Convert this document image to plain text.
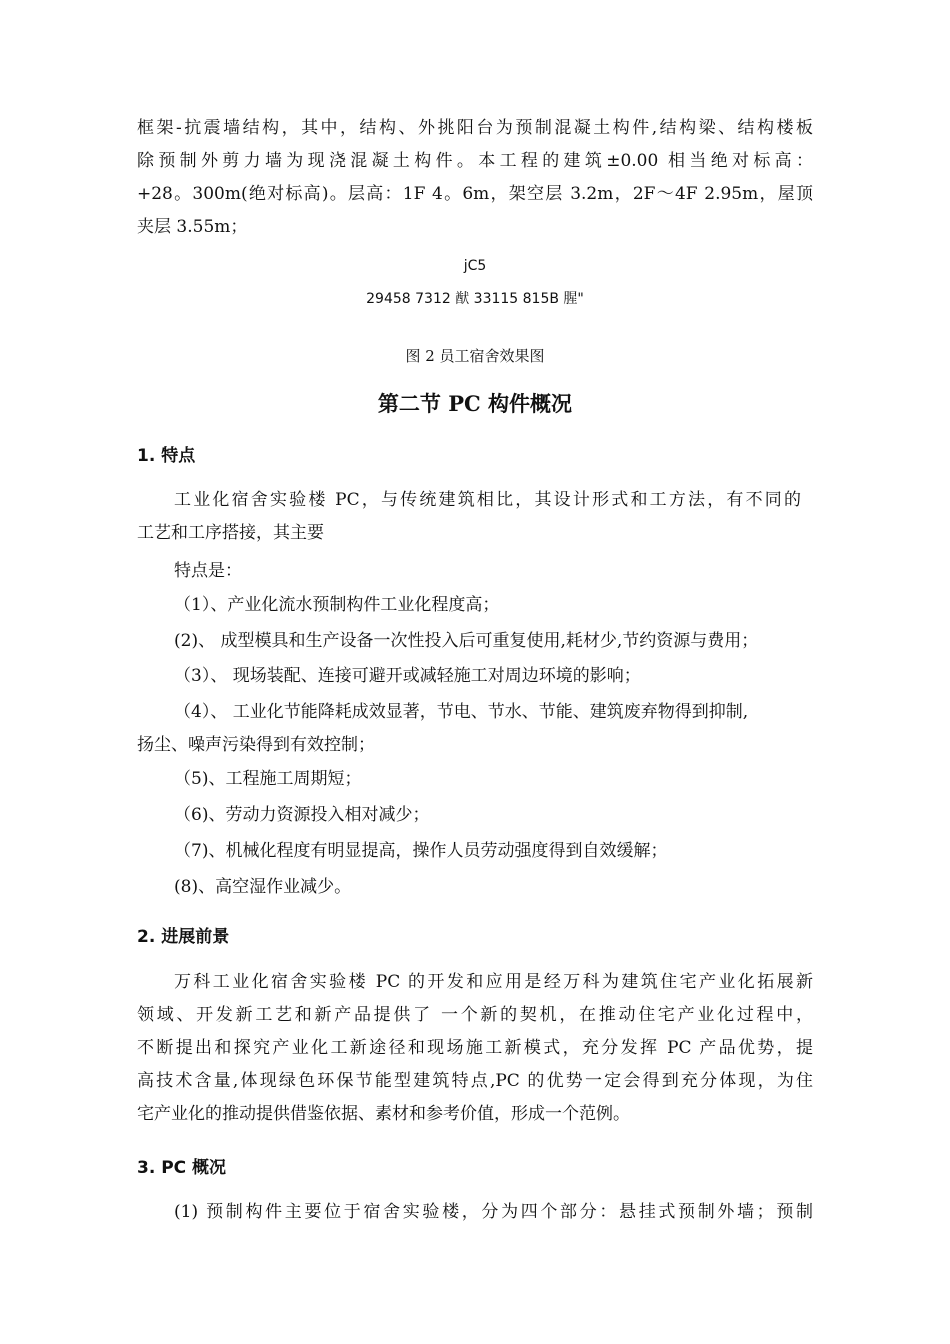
框架-抗震墙结构，其中，结构、外挑阳台为预制混凝土构件,结构梁、结构楼板
除预制外剪力墙为现浇混凝土构件。本工程的建筑±0.00 相当绝对标高：
+28。300m(绝对标高)。层高：1F 4。6m，架空层 3.2m，2F～4F 2.95m，屋顶
夹层 3.55m；
jC5
29458 7312 猷 33115 815B 腥"
图 2 员工宿舍效果图
第二节 PC 构件概况
1. 特点
工业化宿舍实验楼 PC，与传统建筑相比，其设计形式和工方法，有不同的
工艺和工序搭接，其主要
特点是：
（1）、产业化流水预制构件工业化程度高；
(2)、 成型模具和生产设备一次性投入后可重复使用,耗材少,节约资源与费用；
（3）、 现场装配、连接可避开或减轻施工对周边环境的影响；
（4）、 工业化节能降耗成效显著，节电、节水、节能、建筑废弃物得到抑制,
扬尘、噪声污染得到有效控制；
（5)、工程施工周期短；
（6)、劳动力资源投入相对减少；
（7)、机械化程度有明显提高，操作人员劳动强度得到自效缓解；
(8)、高空湿作业减少。
2. 进展前景
万科工业化宿舍实验楼 PC 的开发和应用是经万科为建筑住宅产业化拓展新
领域、开发新工艺和新产品提供了 一个新的契机，在推动住宅产业化过程中，
不断提出和探究产业化工新途径和现场施工新模式，充分发挥 PC 产品优势，提
高技术含量,体现绿色环保节能型建筑特点,PC 的优势一定会得到充分体现，为住
宅产业化的推动提供借鉴依据、素材和参考价值，形成一个范例。
3. PC 概况
(1) 预制构件主要位于宿舍实验楼，分为四个部分：悬挂式预制外墙；预制
